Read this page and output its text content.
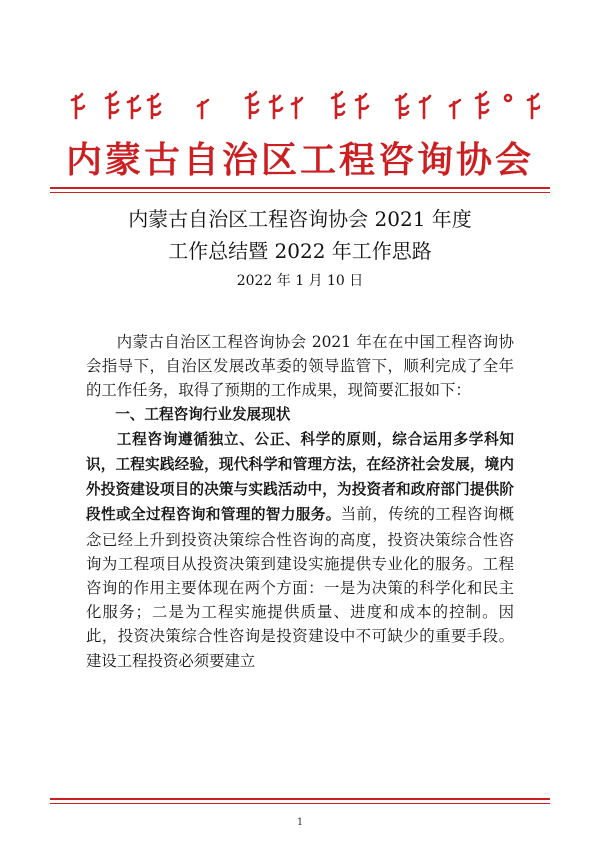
内蒙古自治区工程咨询协会
内蒙古自治区工程咨询协会 2021 年度
工作总结暨 2022 年工作思路
2022 年 1 月 10 日

内蒙古自治区工程咨询协会 2021 年在在中国工程咨询协会指导下，自治区发展改革委的领导监管下，顺利完成了全年的工作任务，取得了预期的工作成果，现简要汇报如下：

一、工程咨询行业发展现状

工程咨询遵循独立、公正、科学的原则，综合运用多学科知识，工程实践经验，现代科学和管理方法，在经济社会发展，境内外投资建设项目的决策与实践活动中，为投资者和政府部门提供阶段性或全过程咨询和管理的智力服务。当前，传统的工程咨询概念已经上升到投资决策综合性咨询的高度，投资决策综合性咨询为工程项目从投资决策到建设实施提供专业化的服务。工程咨询的作用主要体现在两个方面：一是为决策的科学化和民主化服务；二是为工程实施提供质量、进度和成本的控制。因此，投资决策综合性咨询是投资建设中不可缺少的重要手段。建设工程投资必须要建立

1
